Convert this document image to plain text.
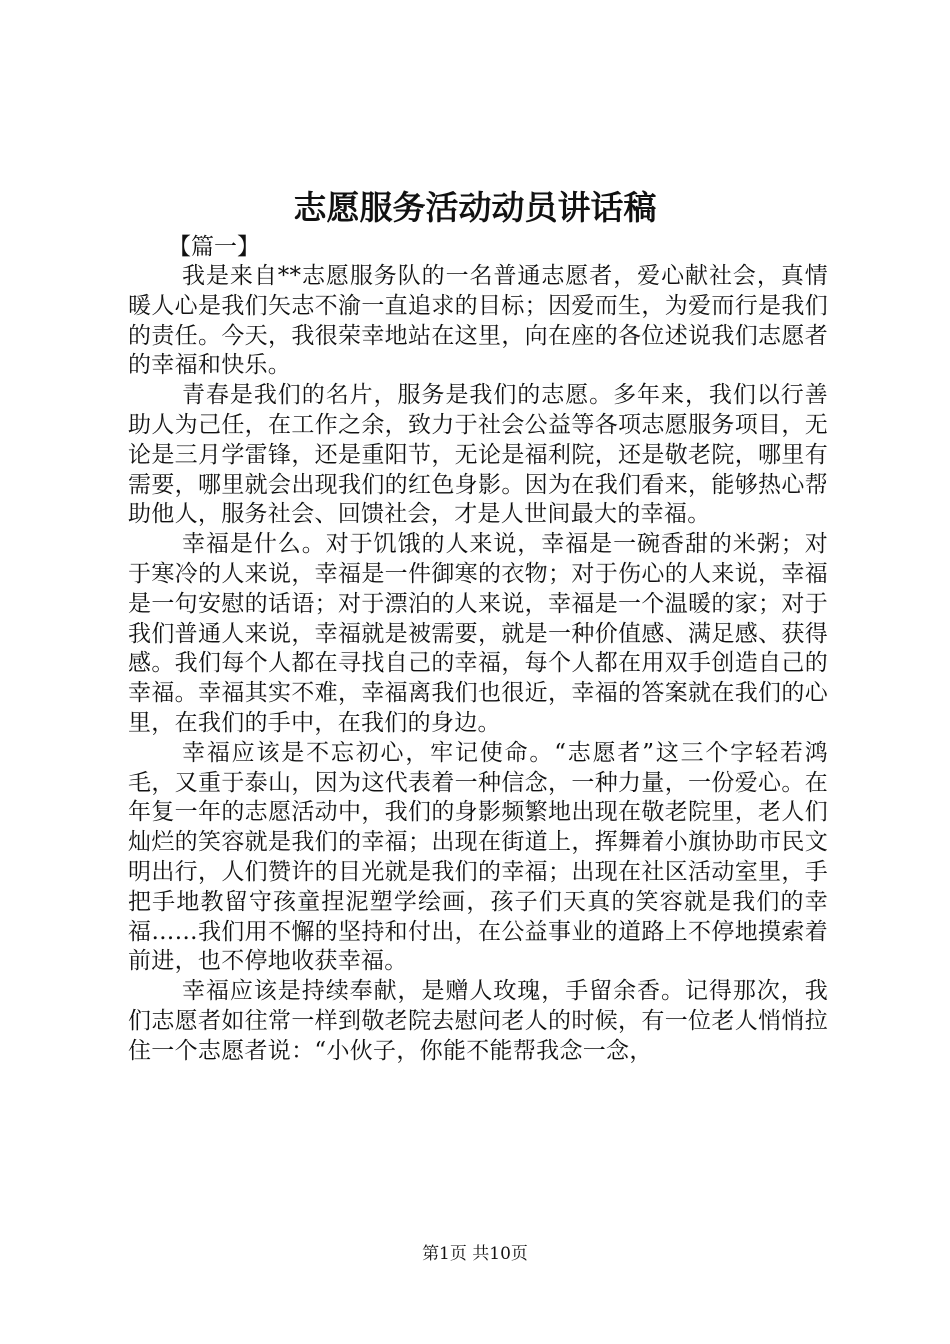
志愿服务活动动员讲话稿

【篇一】

我是来自**志愿服务队的一名普通志愿者，爱心献社会，真情暖人心是我们矢志不渝一直追求的目标；因爱而生，为爱而行是我们的责任。今天，我很荣幸地站在这里，向在座的各位述说我们志愿者的幸福和快乐。

青春是我们的名片，服务是我们的志愿。多年来，我们以行善助人为己任，在工作之余，致力于社会公益等各项志愿服务项目，无论是三月学雷锋，还是重阳节，无论是福利院，还是敬老院，哪里有需要，哪里就会出现我们的红色身影。因为在我们看来，能够热心帮助他人，服务社会、回馈社会，才是人世间最大的幸福。

幸福是什么。对于饥饿的人来说，幸福是一碗香甜的米粥；对于寒冷的人来说，幸福是一件御寒的衣物；对于伤心的人来说，幸福是一句安慰的话语；对于漂泊的人来说，幸福是一个温暖的家；对于我们普通人来说，幸福就是被需要，就是一种价值感、满足感、获得感。我们每个人都在寻找自己的幸福，每个人都在用双手创造自己的幸福。幸福其实不难，幸福离我们也很近，幸福的答案就在我们的心里，在我们的手中，在我们的身边。

幸福应该是不忘初心，牢记使命。“志愿者”这三个字轻若鸿毛，又重于泰山，因为这代表着一种信念，一种力量，一份爱心。在年复一年的志愿活动中，我们的身影频繁地出现在敬老院里，老人们灿烂的笑容就是我们的幸福；出现在街道上，挥舞着小旗协助市民文明出行，人们赞许的目光就是我们的幸福；出现在社区活动室里，手把手地教留守孩童捏泥塑学绘画，孩子们天真的笑容就是我们的幸福……我们用不懈的坚持和付出，在公益事业的道路上不停地摸索着前进，也不停地收获幸福。

幸福应该是持续奉献，是赠人玫瑰，手留余香。记得那次，我们志愿者如往常一样到敬老院去慰问老人的时候，有一位老人悄悄拉住一个志愿者说：“小伙子，你能不能帮我念一念，

第1页 共10页
